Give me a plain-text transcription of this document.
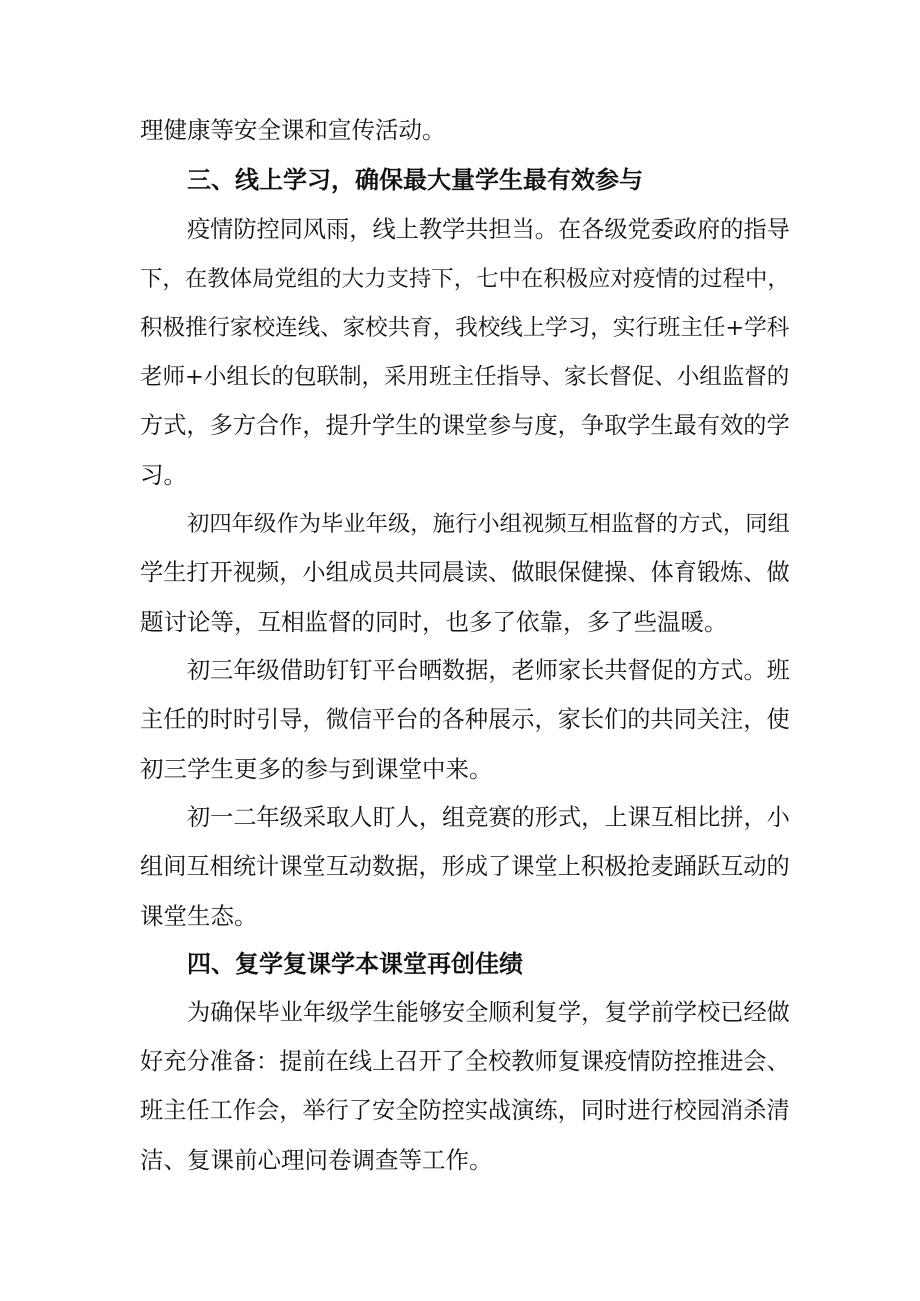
理健康等安全课和宣传活动。
三、线上学习，确保最大量学生最有效参与
疫情防控同风雨，线上教学共担当。在各级党委政府的指导
下，在教体局党组的大力支持下，七中在积极应对疫情的过程中，
积极推行家校连线、家校共育，我校线上学习，实行班主任+学科
老师+小组长的包联制，采用班主任指导、家长督促、小组监督的
方式，多方合作，提升学生的课堂参与度，争取学生最有效的学
习。
初四年级作为毕业年级，施行小组视频互相监督的方式，同组
学生打开视频，小组成员共同晨读、做眼保健操、体育锻炼、做
题讨论等，互相监督的同时，也多了依靠，多了些温暖。
初三年级借助钉钉平台晒数据，老师家长共督促的方式。班
主任的时时引导，微信平台的各种展示，家长们的共同关注，使
初三学生更多的参与到课堂中来。
初一二年级采取人盯人，组竞赛的形式，上课互相比拼，小
组间互相统计课堂互动数据，形成了课堂上积极抢麦踊跃互动的
课堂生态。
四、复学复课学本课堂再创佳绩
为确保毕业年级学生能够安全顺利复学，复学前学校已经做
好充分准备：提前在线上召开了全校教师复课疫情防控推进会、
班主任工作会，举行了安全防控实战演练，同时进行校园消杀清
洁、复课前心理问卷调查等工作。
